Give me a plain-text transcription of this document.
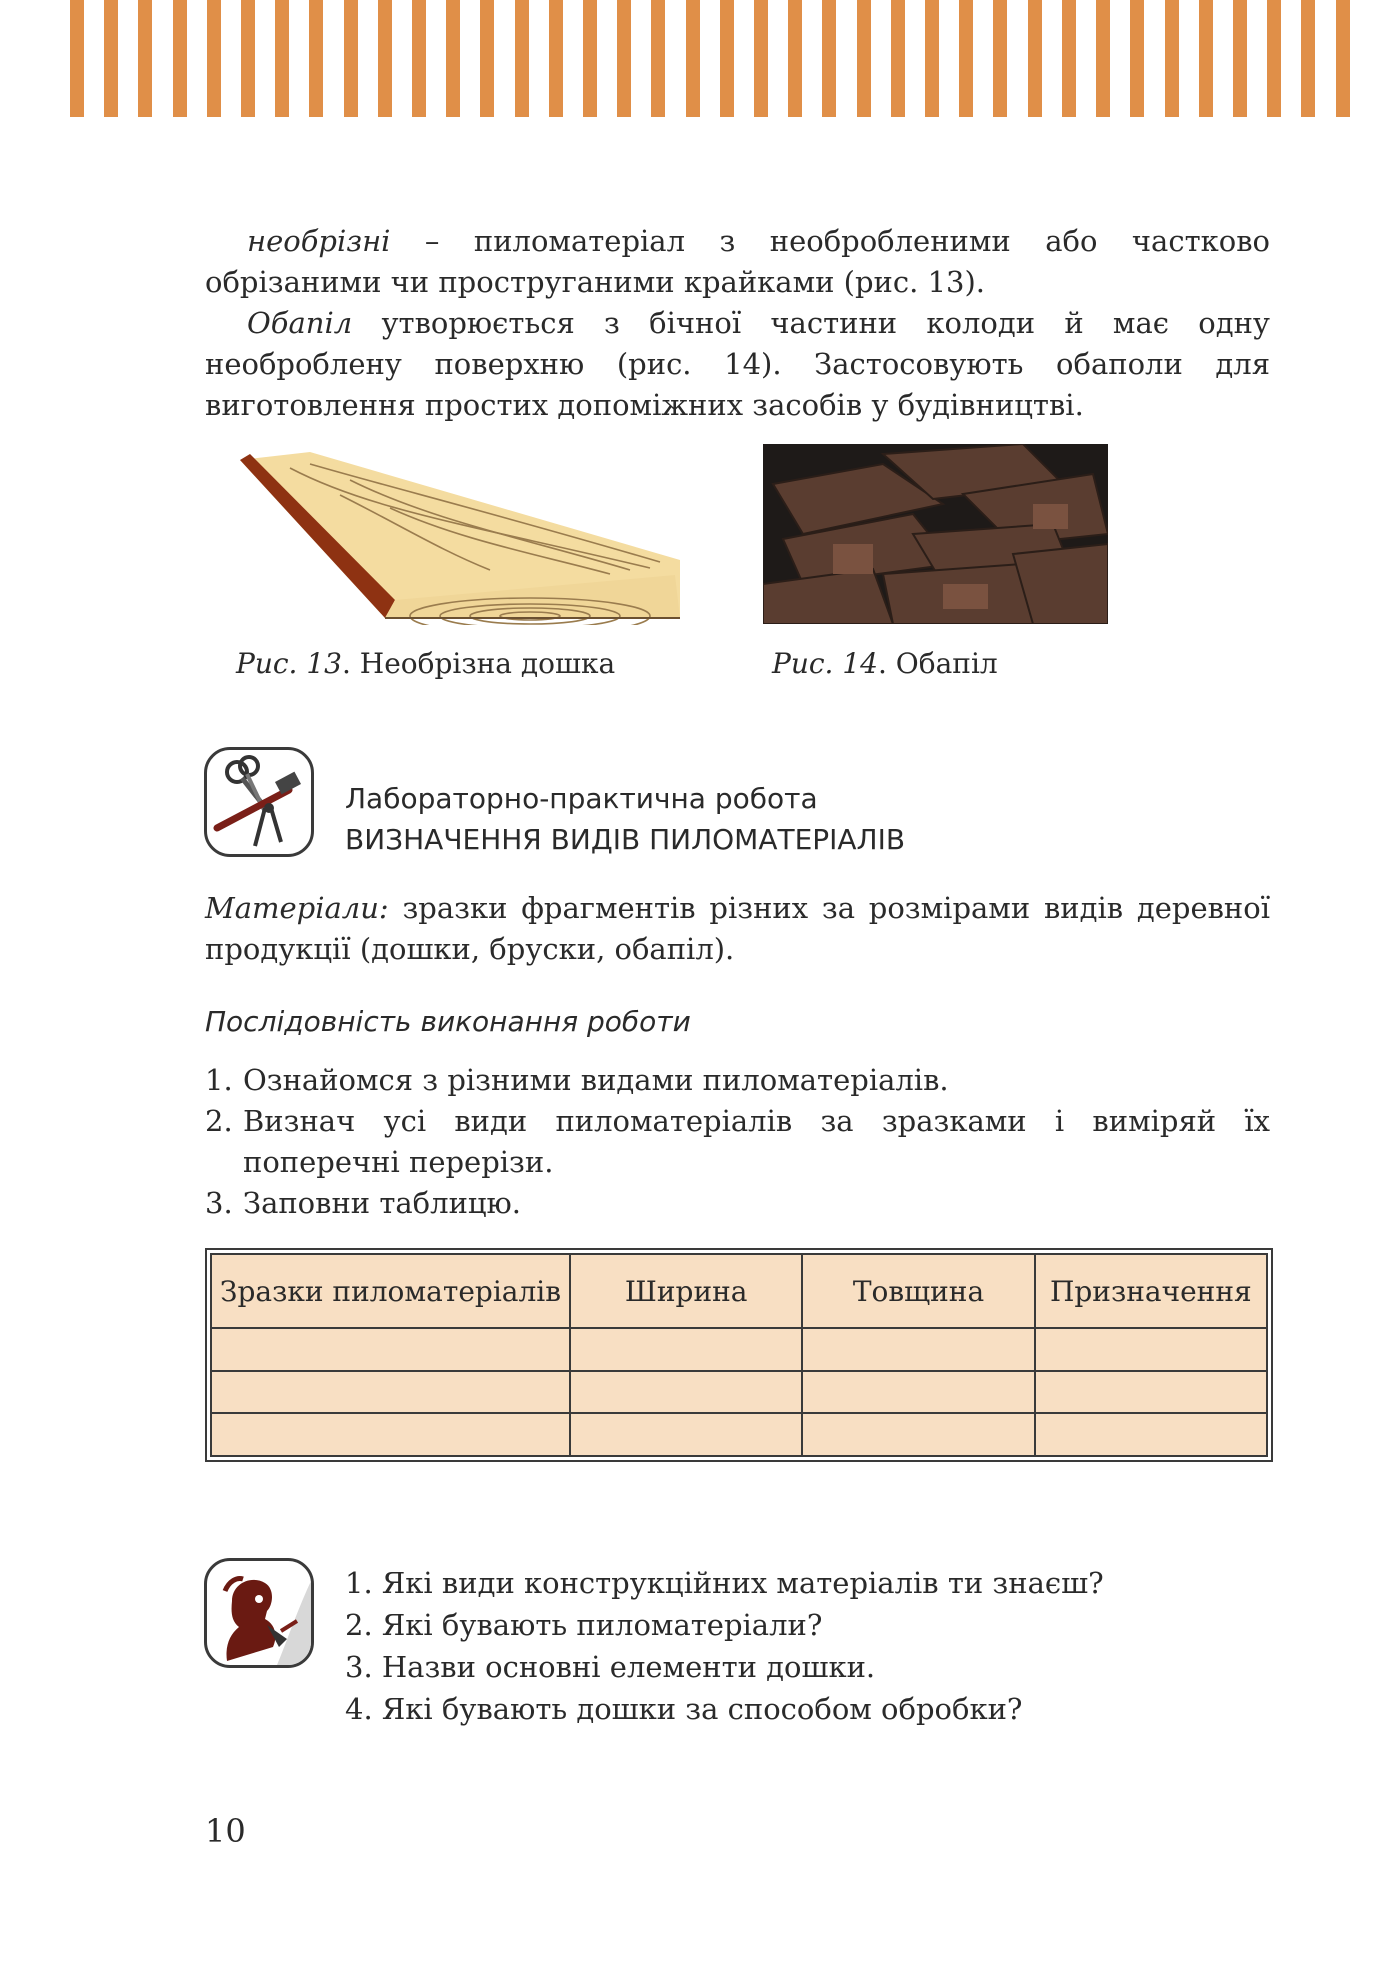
необрізні – пиломатеріал з необробленими або частково обрізаними чи проструганими крайками (рис. 13).

Обапіл утворюється з бічної частини колоди й має одну необроблену поверхню (рис. 14). Застосовують обаполи для виготовлення простих допоміжних засобів у будівництві.

Рис. 13. Необрізна дошка	Рис. 14. Обапіл
Лабораторно-практична робота
ВИЗНАЧЕННЯ ВИДІВ ПИЛОМАТЕРІАЛІВ

Матеріали: зразки фрагментів різних за розмірами видів деревної продукції (дошки, бруски, обапіл).

Послідовність виконання роботи
1. Ознайомся з різними видами пиломатеріалів.
2. Визнач усі види пиломатеріалів за зразками і виміряй їх поперечні перерізи.
3. Заповни таблицю.
Зразки пиломатеріалів	Ширина	Товщина	Призначення

1. Які види конструкційних матеріалів ти знаєш?
2. Які бувають пиломатеріали?
3. Назви основні елементи дошки.
4. Які бувають дошки за способом обробки?
10
